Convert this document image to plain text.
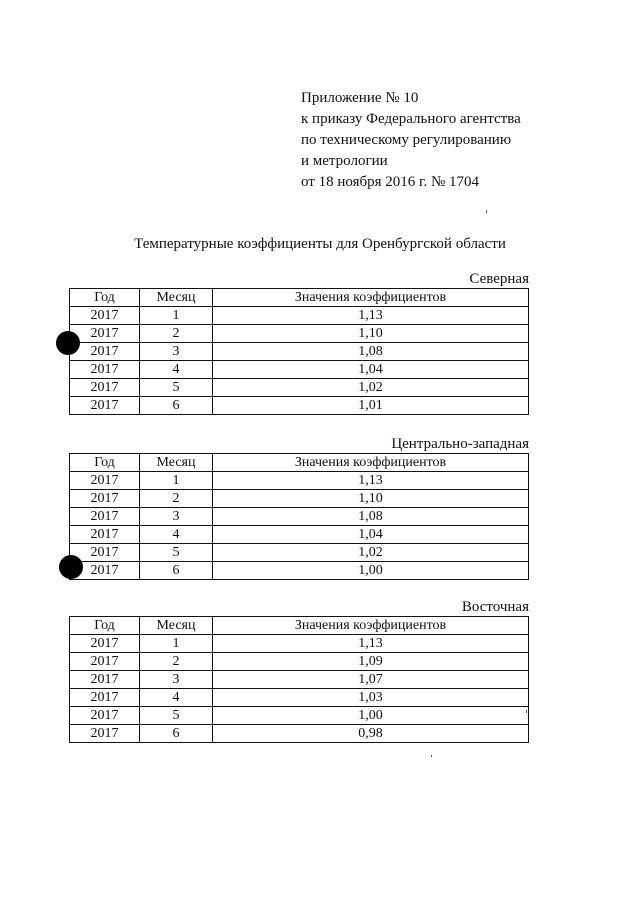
Приложение № 10
к приказу Федерального агентства
по техническому регулированию
и метрологии
от 18 ноября 2016 г. № 1704
Температурные коэффициенты для Оренбургской области
Северная
Год	Месяц	Значения коэффициентов
2017	1	1,13
2017	2	1,10
2017	3	1,08
2017	4	1,04
2017	5	1,02
2017	6	1,01
Центрально-западная
Год	Месяц	Значения коэффициентов
2017	1	1,13
2017	2	1,10
2017	3	1,08
2017	4	1,04
2017	5	1,02
2017	6	1,00
Восточная
Год	Месяц	Значения коэффициентов
2017	1	1,13
2017	2	1,09
2017	3	1,07
2017	4	1,03
2017	5	1,00
2017	6	0,98
